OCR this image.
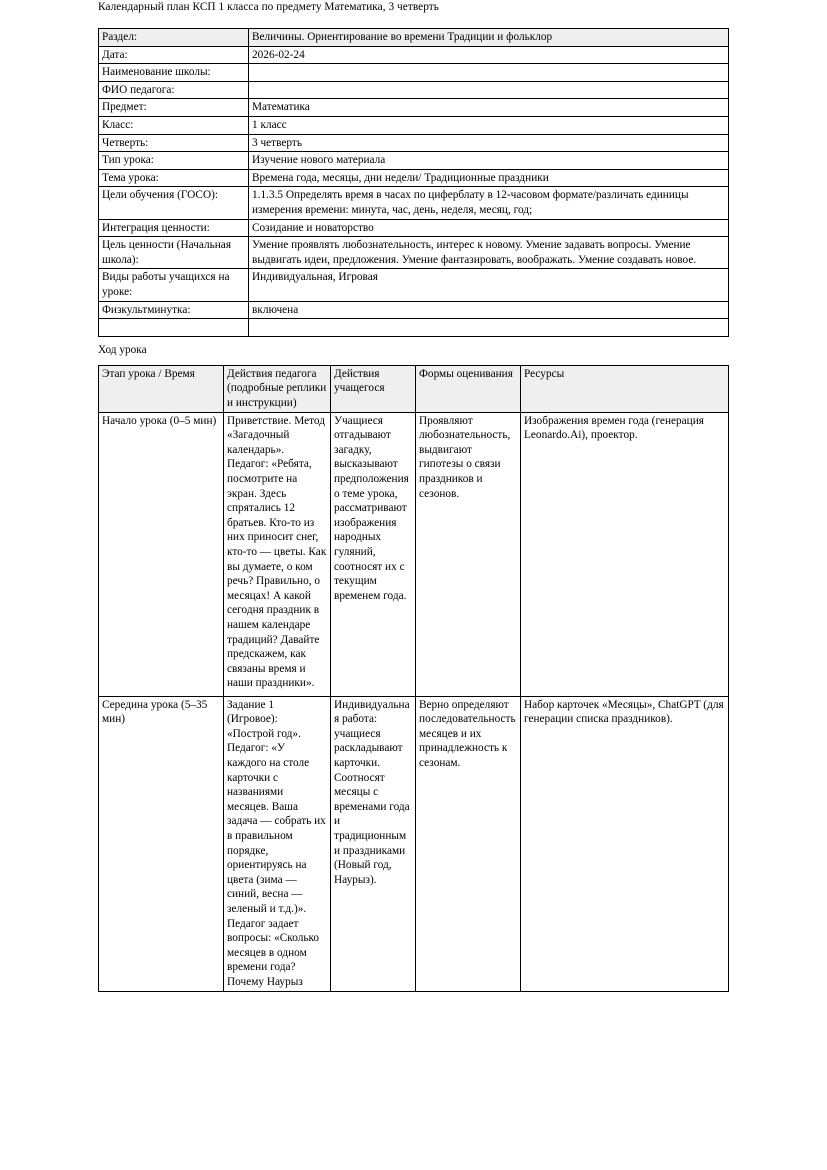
Календарный план КСП 1 класса по предмету Математика, 3 четверть

Раздел:	Величины. Ориентирование во времени Традиции и фольклор
Дата:	2026-02-24
Наименование школы:	
ФИО педагога:	
Предмет:	Математика
Класс:	1 класс
Четверть:	3 четверть
Тип урока:	Изучение нового материала
Тема урока:	Времена года, месяцы, дни недели/ Традиционные праздники
Цели обучения (ГОСО):	1.1.3.5 Определять время в часах по циферблату в 12-часовом формате/различать единицы измерения времени: минута, час, день, неделя, месяц, год;
Интеграция ценности:	Созидание и новаторство
Цель ценности (Начальная школа):	Умение проявлять любознательность, интерес к новому. Умение задавать вопросы. Умение выдвигать идеи, предложения. Умение фантазировать, воображать. Умение создавать новое.
Виды работы учащихся на уроке:	Индивидуальная, Игровая
Физкультминутка:	включена

Ход урока

Этап урока / Время	Действия педагога (подробные реплики и инструкции)	Действия учащегося	Формы оценивания	Ресурсы
Начало урока (0–5 мин)	Приветствие. Метод «Загадочный календарь». Педагог: «Ребята, посмотрите на экран. Здесь спрятались 12 братьев. Кто-то из них приносит снег, кто-то — цветы. Как вы думаете, о ком речь? Правильно, о месяцах! А какой сегодня праздник в нашем календаре традиций? Давайте предскажем, как связаны время и наши праздники».	Учащиеся отгадывают загадку, высказывают предположения о теме урока, рассматривают изображения народных гуляний, соотносят их с текущим временем года.	Проявляют любознательность, выдвигают гипотезы о связи праздников и сезонов.	Изображения времен года (генерация Leonardo.Ai), проектор.
Середина урока (5–35 мин)	Задание 1 (Игровое): «Построй год». Педагог: «У каждого на столе карточки с названиями месяцев. Ваша задача — собрать их в правильном порядке, ориентируясь на цвета (зима — синий, весна — зеленый и т.д.)». Педагог задает вопросы: «Сколько месяцев в одном времени года? Почему Наурыз	Индивидуальная работа: учащиеся раскладывают карточки. Соотносят месяцы с временами года и традиционными праздниками (Новый год, Наурыз).	Верно определяют последовательность месяцев и их принадлежность к сезонам.	Набор карточек «Месяцы», ChatGPT (для генерации списка праздников).
